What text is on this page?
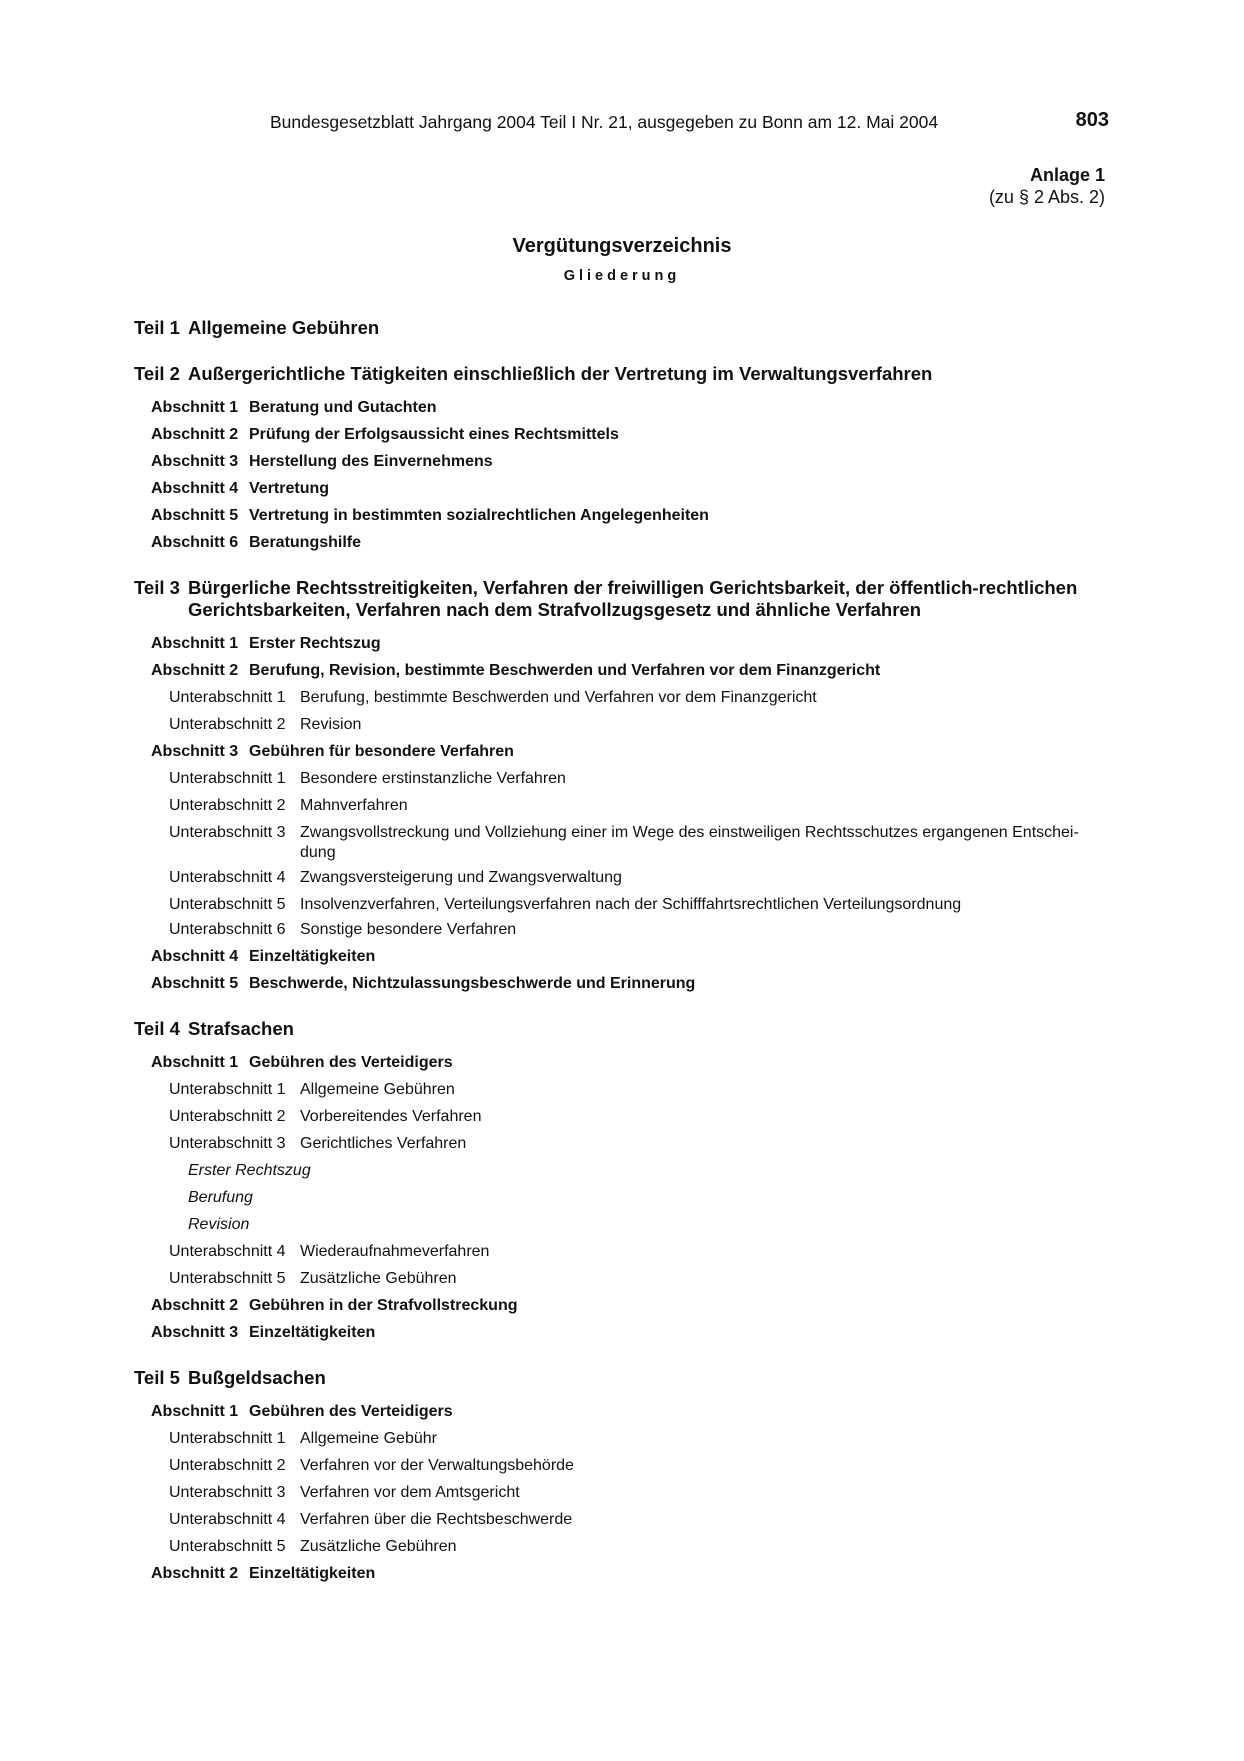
Bundesgesetzblatt Jahrgang 2004 Teil I Nr. 21, ausgegeben zu Bonn am 12. Mai 2004	803
Anlage 1
(zu § 2 Abs. 2)
Vergütungsverzeichnis
Gliederung
Teil 1 Allgemeine Gebühren
Teil 2 Außergerichtliche Tätigkeiten einschließlich der Vertretung im Verwaltungsverfahren
Abschnitt 1 Beratung und Gutachten
Abschnitt 2 Prüfung der Erfolgsaussicht eines Rechtsmittels
Abschnitt 3 Herstellung des Einvernehmens
Abschnitt 4 Vertretung
Abschnitt 5 Vertretung in bestimmten sozialrechtlichen Angelegenheiten
Abschnitt 6 Beratungshilfe
Teil 3 Bürgerliche Rechtsstreitigkeiten, Verfahren der freiwilligen Gerichtsbarkeit, der öffentlich-rechtlichen Gerichtsbarkeiten, Verfahren nach dem Strafvollzugsgesetz und ähnliche Verfahren
Abschnitt 1 Erster Rechtszug
Abschnitt 2 Berufung, Revision, bestimmte Beschwerden und Verfahren vor dem Finanzgericht
Unterabschnitt 1 Berufung, bestimmte Beschwerden und Verfahren vor dem Finanzgericht
Unterabschnitt 2 Revision
Abschnitt 3 Gebühren für besondere Verfahren
Unterabschnitt 1 Besondere erstinstanzliche Verfahren
Unterabschnitt 2 Mahnverfahren
Unterabschnitt 3 Zwangsvollstreckung und Vollziehung einer im Wege des einstweiligen Rechtsschutzes ergangenen Entschei-dung
Unterabschnitt 4 Zwangsversteigerung und Zwangsverwaltung
Unterabschnitt 5 Insolvenzverfahren, Verteilungsverfahren nach der Schifffahrtsrechtlichen Verteilungsordnung
Unterabschnitt 6 Sonstige besondere Verfahren
Abschnitt 4 Einzeltätigkeiten
Abschnitt 5 Beschwerde, Nichtzulassungsbeschwerde und Erinnerung
Teil 4 Strafsachen
Abschnitt 1 Gebühren des Verteidigers
Unterabschnitt 1 Allgemeine Gebühren
Unterabschnitt 2 Vorbereitendes Verfahren
Unterabschnitt 3 Gerichtliches Verfahren
Erster Rechtszug
Berufung
Revision
Unterabschnitt 4 Wiederaufnahmeverfahren
Unterabschnitt 5 Zusätzliche Gebühren
Abschnitt 2 Gebühren in der Strafvollstreckung
Abschnitt 3 Einzeltätigkeiten
Teil 5 Bußgeldsachen
Abschnitt 1 Gebühren des Verteidigers
Unterabschnitt 1 Allgemeine Gebühr
Unterabschnitt 2 Verfahren vor der Verwaltungsbehörde
Unterabschnitt 3 Verfahren vor dem Amtsgericht
Unterabschnitt 4 Verfahren über die Rechtsbeschwerde
Unterabschnitt 5 Zusätzliche Gebühren
Abschnitt 2 Einzeltätigkeiten
